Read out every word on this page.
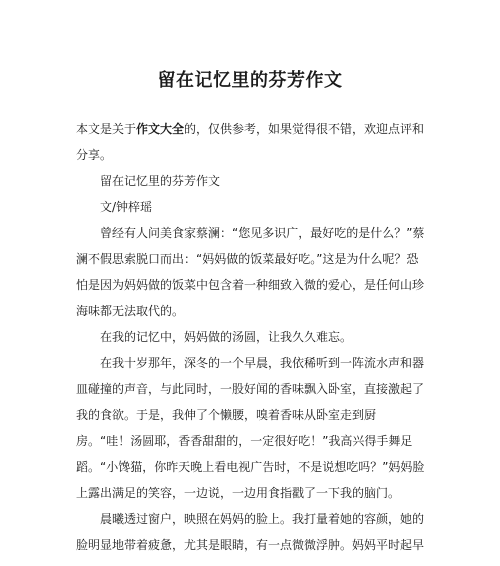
留在记忆里的芬芳作文

本文是关于作文大全的，仅供参考，如果觉得很不错，欢迎点评和分享。

留在记忆里的芬芳作文

文/钟梓瑶

曾经有人问美食家蔡澜：“您见多识广，最好吃的是什么？”蔡澜不假思索脱口而出：“妈妈做的饭菜最好吃。”这是为什么呢？恐怕是因为妈妈做的饭菜中包含着一种细致入微的爱心，是任何山珍海味都无法取代的。

在我的记忆中，妈妈做的汤圆，让我久久难忘。

在我十岁那年，深冬的一个早晨，我依稀听到一阵流水声和器皿碰撞的声音，与此同时，一股好闻的香味飘入卧室，直接激起了我的食欲。于是，我伸了个懒腰，嗅着香味从卧室走到厨房。“哇！汤圆耶，香香甜甜的，一定很好吃！”我高兴得手舞足蹈。“小馋猫，你昨天晚上看电视广告时，不是说想吃吗？”妈妈脸上露出满足的笑容，一边说，一边用食指戳了一下我的脑门。

晨曦透过窗户，映照在妈妈的脸上。我打量着她的容颜，她的脸明显地带着疲惫，尤其是眼睛，有一点微微浮肿。妈妈平时起早
